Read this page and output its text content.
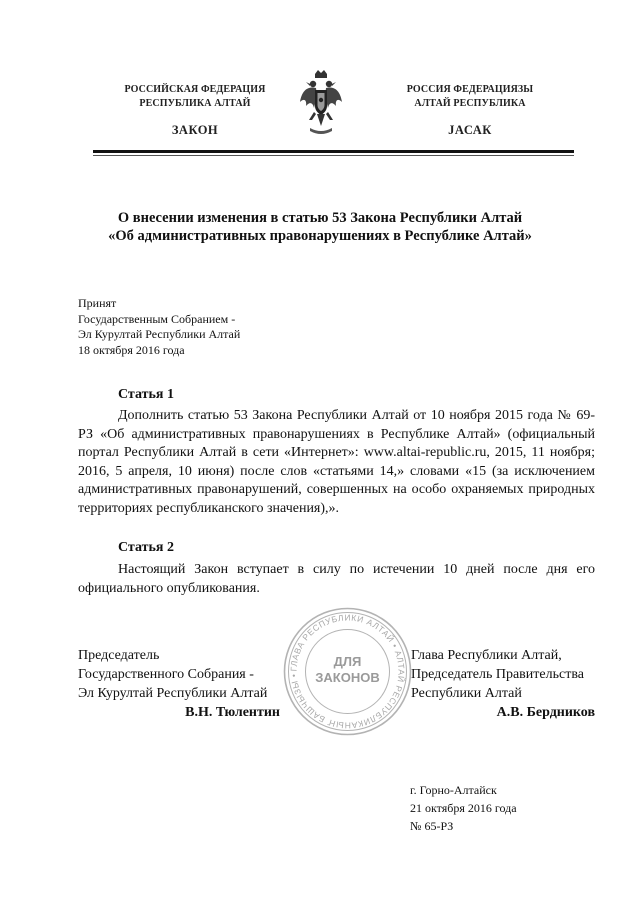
РОССИЙСКАЯ ФЕДЕРАЦИЯ
РЕСПУБЛИКА АЛТАЙ
ЗАКОН
РОССИЯ ФЕДЕРАЦИЯЗЫ
АЛТАЙ РЕСПУБЛИКА
JАСАК
О внесении изменения в статью 53 Закона Республики Алтай
«Об административных правонарушениях в Республике Алтай»
Принят
Государственным Собранием -
Эл Курултай Республики Алтай
18 октября 2016 года
Статья 1
Дополнить статью 53 Закона Республики Алтай от 10 ноября 2015 года № 69-РЗ «Об административных правонарушениях в Республике Алтай» (официальный портал Республики Алтай в сети «Интернет»: www.altai-republic.ru, 2015, 11 ноября; 2016, 5 апреля, 10 июня) после слов «статьями 14,» словами «15 (за исключением административных правонарушений, совершенных на особо охраняемых природных территориях республиканского значения),».
Статья 2
Настоящий Закон вступает в силу по истечении 10 дней после дня его официального опубликования.
ГЛАВА РЕСПУБЛИКИ АЛТАЙ • АЛТАЙ РЕСПУБЛИКАНЫҤ БАШЧЫЗЫ •
ДЛЯ
ЗАКОНОВ
Председатель
Государственного Собрания -
Эл Курултай Республики Алтай
В.Н. Тюлентин
Глава Республики Алтай,
Председатель Правительства
Республики Алтай
А.В. Бердников
г. Горно-Алтайск
21 октября 2016 года
№ 65-РЗ
